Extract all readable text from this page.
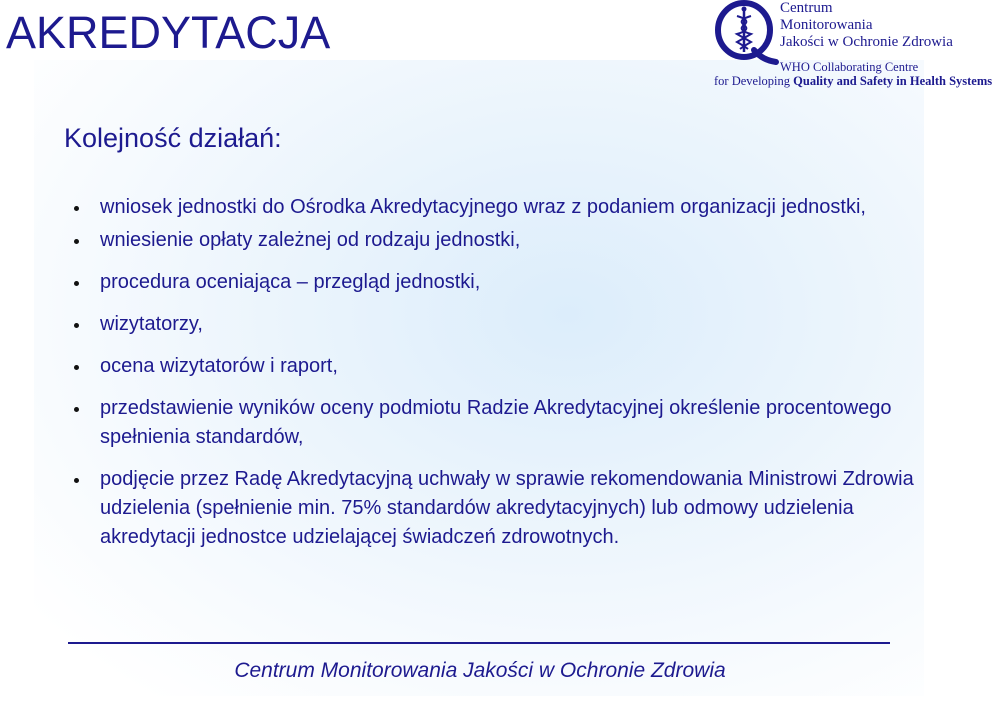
AKREDYTACJA	Centrum
Monitorowania
Jakości w Ochronie Zdrowia
WHO Collaborating Centre
for Developing Quality and Safety in Health Systems
Kolejność działań:
wniosek jednostki do Ośrodka Akredytacyjnego wraz z podaniem organizacji jednostki,
wniesienie opłaty zależnej od rodzaju jednostki,
procedura oceniająca – przegląd jednostki,
wizytatorzy,
ocena wizytatorów i raport,
przedstawienie wyników oceny podmiotu Radzie Akredytacyjnej określenie procentowego spełnienia standardów,
podjęcie przez Radę Akredytacyjną uchwały w sprawie rekomendowania Ministrowi Zdrowia udzielenia (spełnienie min. 75% standardów akredytacyjnych) lub odmowy udzielenia akredytacji jednostce udzielającej świadczeń zdrowotnych.
Centrum Monitorowania Jakości w Ochronie Zdrowia
